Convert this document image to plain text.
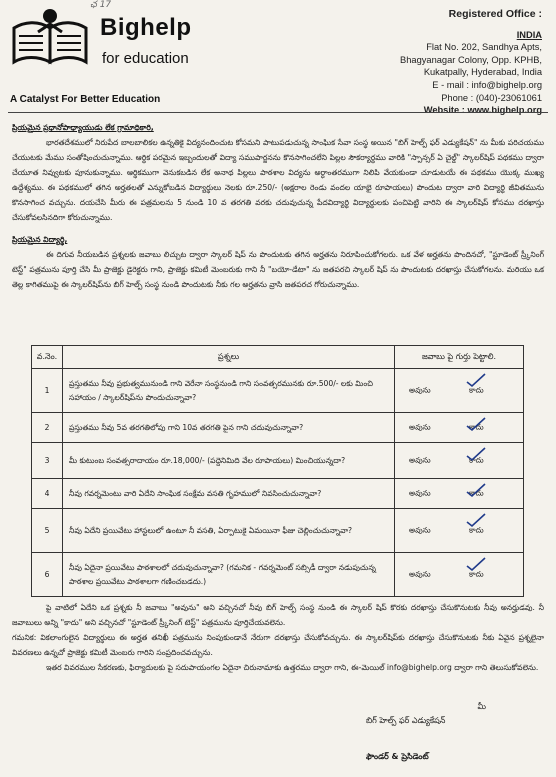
ఛ 17
Bighelp
for education
A Catalyst For Better Education
Registered Office :
INDIA
Flat No. 202, Sandhya Apts,
Bhagyanagar Colony, Opp. KPHB,
Kukatpally, Hyderabad, India
E - mail : info@bighelp.org
Phone : (040)-23061061
Website : www.bighelp.org
ప్రియమైన ప్రధానోపాధ్యాయుడు లేక గ్రామాధికారి,
భారతదేశములో నిరుపేద బాలబాలికల ఉన్నతికై విద్యనందించుట కోసమని పాటుపడుచున్న సాంఘిక సేవా సంస్థ అయిన "బిగ్ హెల్ప్ ఫర్ ఎడ్యుకేషన్" ను మీకు పరిచయము చేయుటకు మేము సంతోషించుచున్నాము. ఆర్థిక పరమైన ఇబ్బందులతో విద్యా సముపార్జనను కొనసాగించలేని పిల్లల సౌకర్యార్థము వారికి "స్పాన్సర్ ఏ చైల్డ్" స్కాలర్‌షిప్ పథకము ద్వారా చేయూత నివ్వుటకు పూనుకున్నాము. ఆర్థికముగా వెనుకబడిన లేక అనాథ పిల్లలు పాఠశాల విద్యను అర్ధాంతరముగా నిలిపి వేయకుండా చూడుటయే ఈ పథకము యొక్క ముఖ్య ఉద్దేశ్యము. ఈ పథకములో తగిన అర్హతలతో ఎన్నుకోబడిన విద్యార్థులు నెలకు రూ.250/- (అక్షరాల రెండు వందల యాభై రూపాయలు) పొందుట ద్వారా వారి విద్యార్థి జీవితమును కొనసాగించ వచ్చును. దయచేసి మీరు ఈ పత్రమలను 5 నుండి 10 వ తరగతి వరకు చదువుచున్న పేదవిద్యార్థి విద్యార్థులకు పంచిపెట్టి వారిని ఈ స్కాలర్‌షిప్ కోసము దరఖాస్తు చేసుకోవలసినదిగా కోరుచున్నాము.
ప్రియమైన విద్యార్థి,
ఈ దిగువ నీయబడిన ప్రశ్నలకు జవాబు లిచ్చుట ద్వారా స్కాలర్ షిప్ ను పొందుటకు తగిన అర్హతను నిరూపించుకోగలరు. ఒక వేళ అర్హతను పొందినచో, "స్టూడెంట్ స్ర్కీనింగ్ టెస్ట్" పత్రమును పూర్తి చేసి మీ ప్రాజెక్టు డైరెక్టరు గాని, ప్రాజెక్టు కమిటీ మెంబరుకు గాని నీ "బయో-డేటా" ను జతపరచి స్కాలర్ షిప్ ను పొందుటకు దరఖాస్తు చేసుకోగలను. మరియు ఒక తెల్ల కాగితముపై ఈ స్కాలర్‌షిప్‌ను బిగ్ హెల్ప్ సంస్థ నుండి పొందుటకు నీకు గల అర్హతను వ్రాసి జతపరచ గోరుచున్నాము.
వ.నెం.	ప్రశ్నలు	జవాబు పై గుర్తు పెట్టాలి.
1	ప్రస్తుతము నీవు ప్రభుత్వమునుండి గాని వెరేనా సంస్థనుండి గాని సంవత్సరమునకు రూ.500/- లకు మించి సహాయం / స్కాలర్‌షిప్‌ను పొందుచున్నావా?	అవును కాదు

2	ప్రస్తుతము నీవు 5వ తరగతిలోపు గాని 10వ తరగతి పైన గాని చదువుచున్నావా?	అవును కాదు

3	మీ కుటుంబ సంవత్సరాదాయం రూ.18,000/- (పద్దెనిమిది వేల రూపాయలు) మించియున్నదా?	అవును కాదు

4	నీవు గవర్నమెంటు వారి ఏదేని సాంఘిక సంక్షేమ వసతి గృహములో నివసించుచున్నావా?	అవును కాదు

5	నీవు ఏదేని ప్రయివేటు హాస్టలులో ఉంటూ నీ వసతి, ఏర్పాటుకై ఏమయినా ఫీజు చెల్లించుచున్నావా?	అవును కాదు

6	నీవు ఏదైనా ప్రయివేటు పాఠశాలలో చదువుచున్నావా? (గమనిక - గవర్నమెంట్ సబ్సిడీ ద్వారా నడుపుచున్న పాఠశాల ప్రయివేటు పాఠశాలగా గణించబడదు.)	అవును కాదు
పై వాటిలో ఏదేని ఒక ప్రశ్నకు నీ జవాబు "అవును" అని వచ్చినచో నీవు బిగ్ హెల్ప్ సంస్థ నుండి ఈ స్కాలర్ షిప్ కొరకు దరఖాస్తు చేసుకొనుటకు నీవు అనర్హుడవు. నీ జవాబులు అన్ని "కాదు" అని వచ్చినచో "స్టూడెంట్ స్ర్కీనింగ్ టెస్ట్" పత్రమును పూర్తిచేయవలెను.
గమనిక: వికలాంగులైన విద్యార్థులు ఈ అర్హత తనిఖీ పత్రమును నింపుకుండానే నేరుగా దరఖాస్తు చేసుకోవచ్చును. ఈ స్కాలర్‌షిప్‌కు దరఖాస్తు చేసుకొనుటకు నీకు ఏవైన ప్రశ్నలైనా వివరణలు ఉన్నచో ప్రాజెక్టు కమిటీ మెంబరు గారిని సంప్రదించవచ్చును.
ఇతర వివరముల సేకరణకు, ఫిర్యాదులకు పై సదుపాయంగల ఏదైనా చిరునామాకు ఉత్తరము ద్వారా గాని, ఈ-మెయిల్ info@bighelp.org ద్వారా గాని తెలుసుకోవలెను.
మీ
బిగ్ హెల్ప్ ఫర్ ఎడ్యుకేషన్
ఫౌండర్ & ప్రెసిడెంట్
